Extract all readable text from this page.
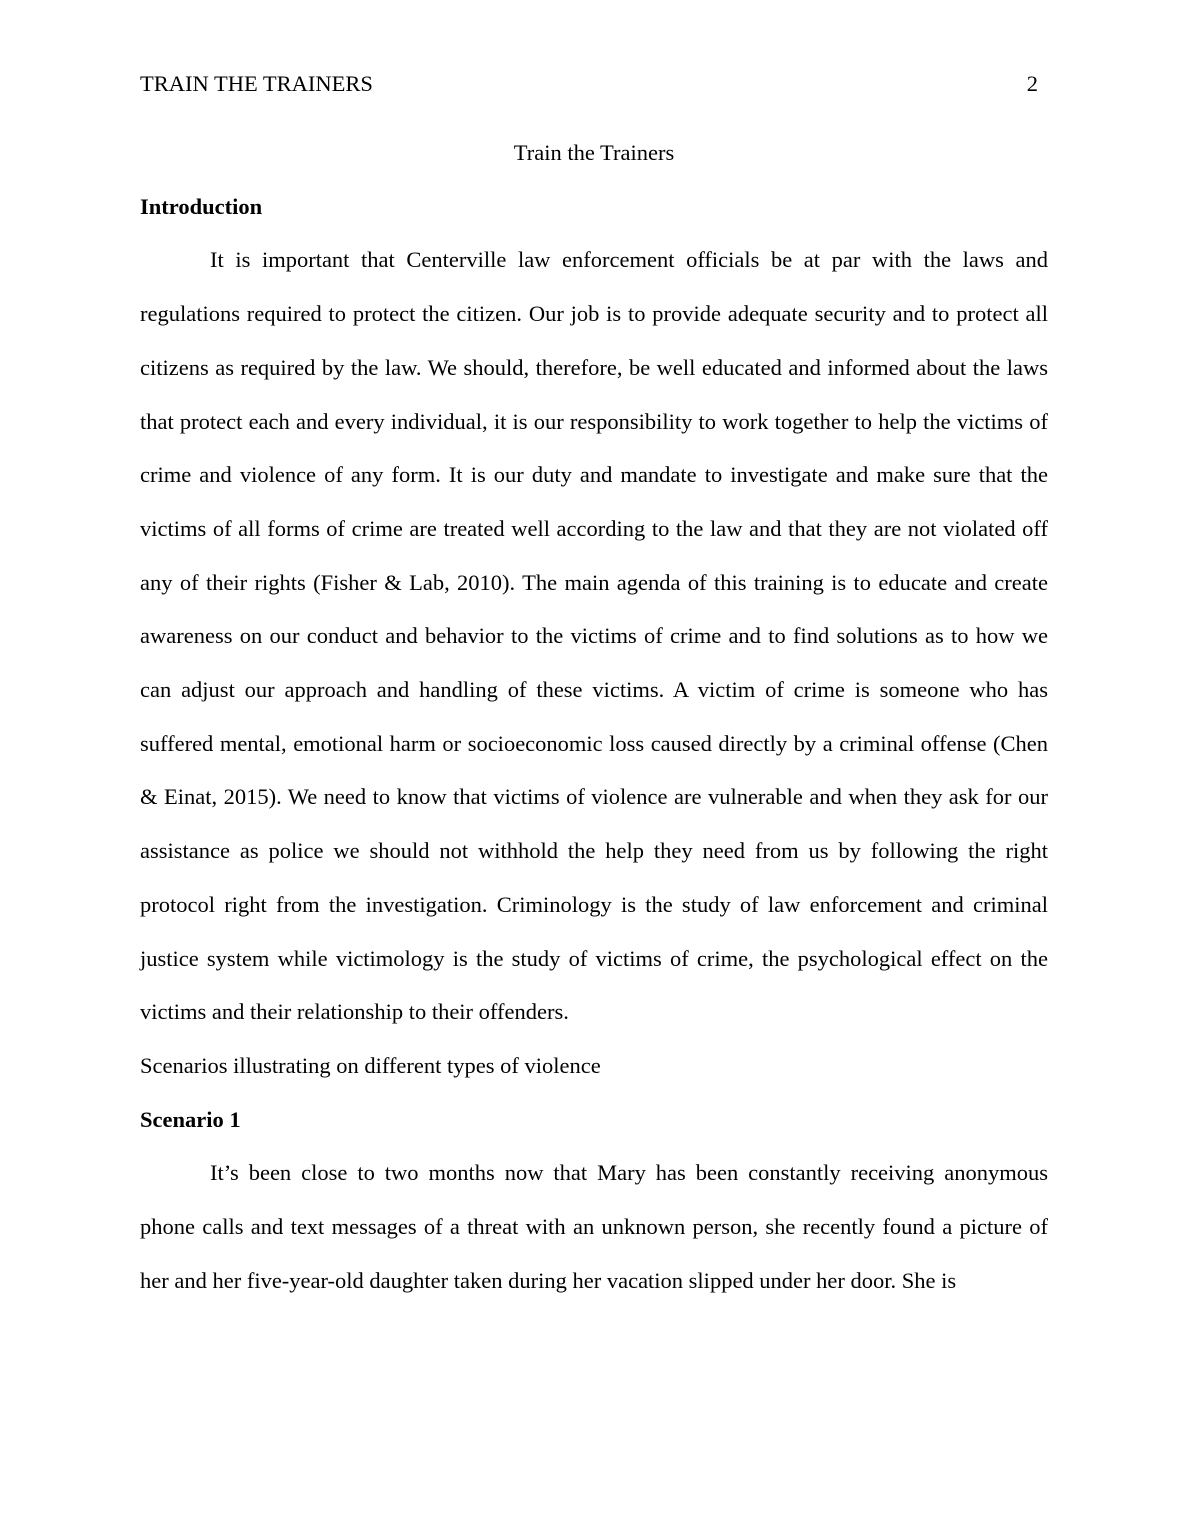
TRAIN THE TRAINERS	2

Train the Trainers

Introduction

It is important that Centerville law enforcement officials be at par with the laws and regulations required to protect the citizen. Our job is to provide adequate security and to protect all citizens as required by the law. We should, therefore, be well educated and informed about the laws that protect each and every individual, it is our responsibility to work together to help the victims of crime and violence of any form. It is our duty and mandate to investigate and make sure that the victims of all forms of crime are treated well according to the law and that they are not violated off any of their rights (Fisher & Lab, 2010). The main agenda of this training is to educate and create awareness on our conduct and behavior to the victims of crime and to find solutions as to how we can adjust our approach and handling of these victims. A victim of crime is someone who has suffered mental, emotional harm or socioeconomic loss caused directly by a criminal offense (Chen & Einat, 2015). We need to know that victims of violence are vulnerable and when they ask for our assistance as police we should not withhold the help they need from us by following the right protocol right from the investigation. Criminology is the study of law enforcement and criminal justice system while victimology is the study of victims of crime, the psychological effect on the victims and their relationship to their offenders.

Scenarios illustrating on different types of violence

Scenario 1

It’s been close to two months now that Mary has been constantly receiving anonymous phone calls and text messages of a threat with an unknown person, she recently found a picture of her and her five-year-old daughter taken during her vacation slipped under her door. She is
